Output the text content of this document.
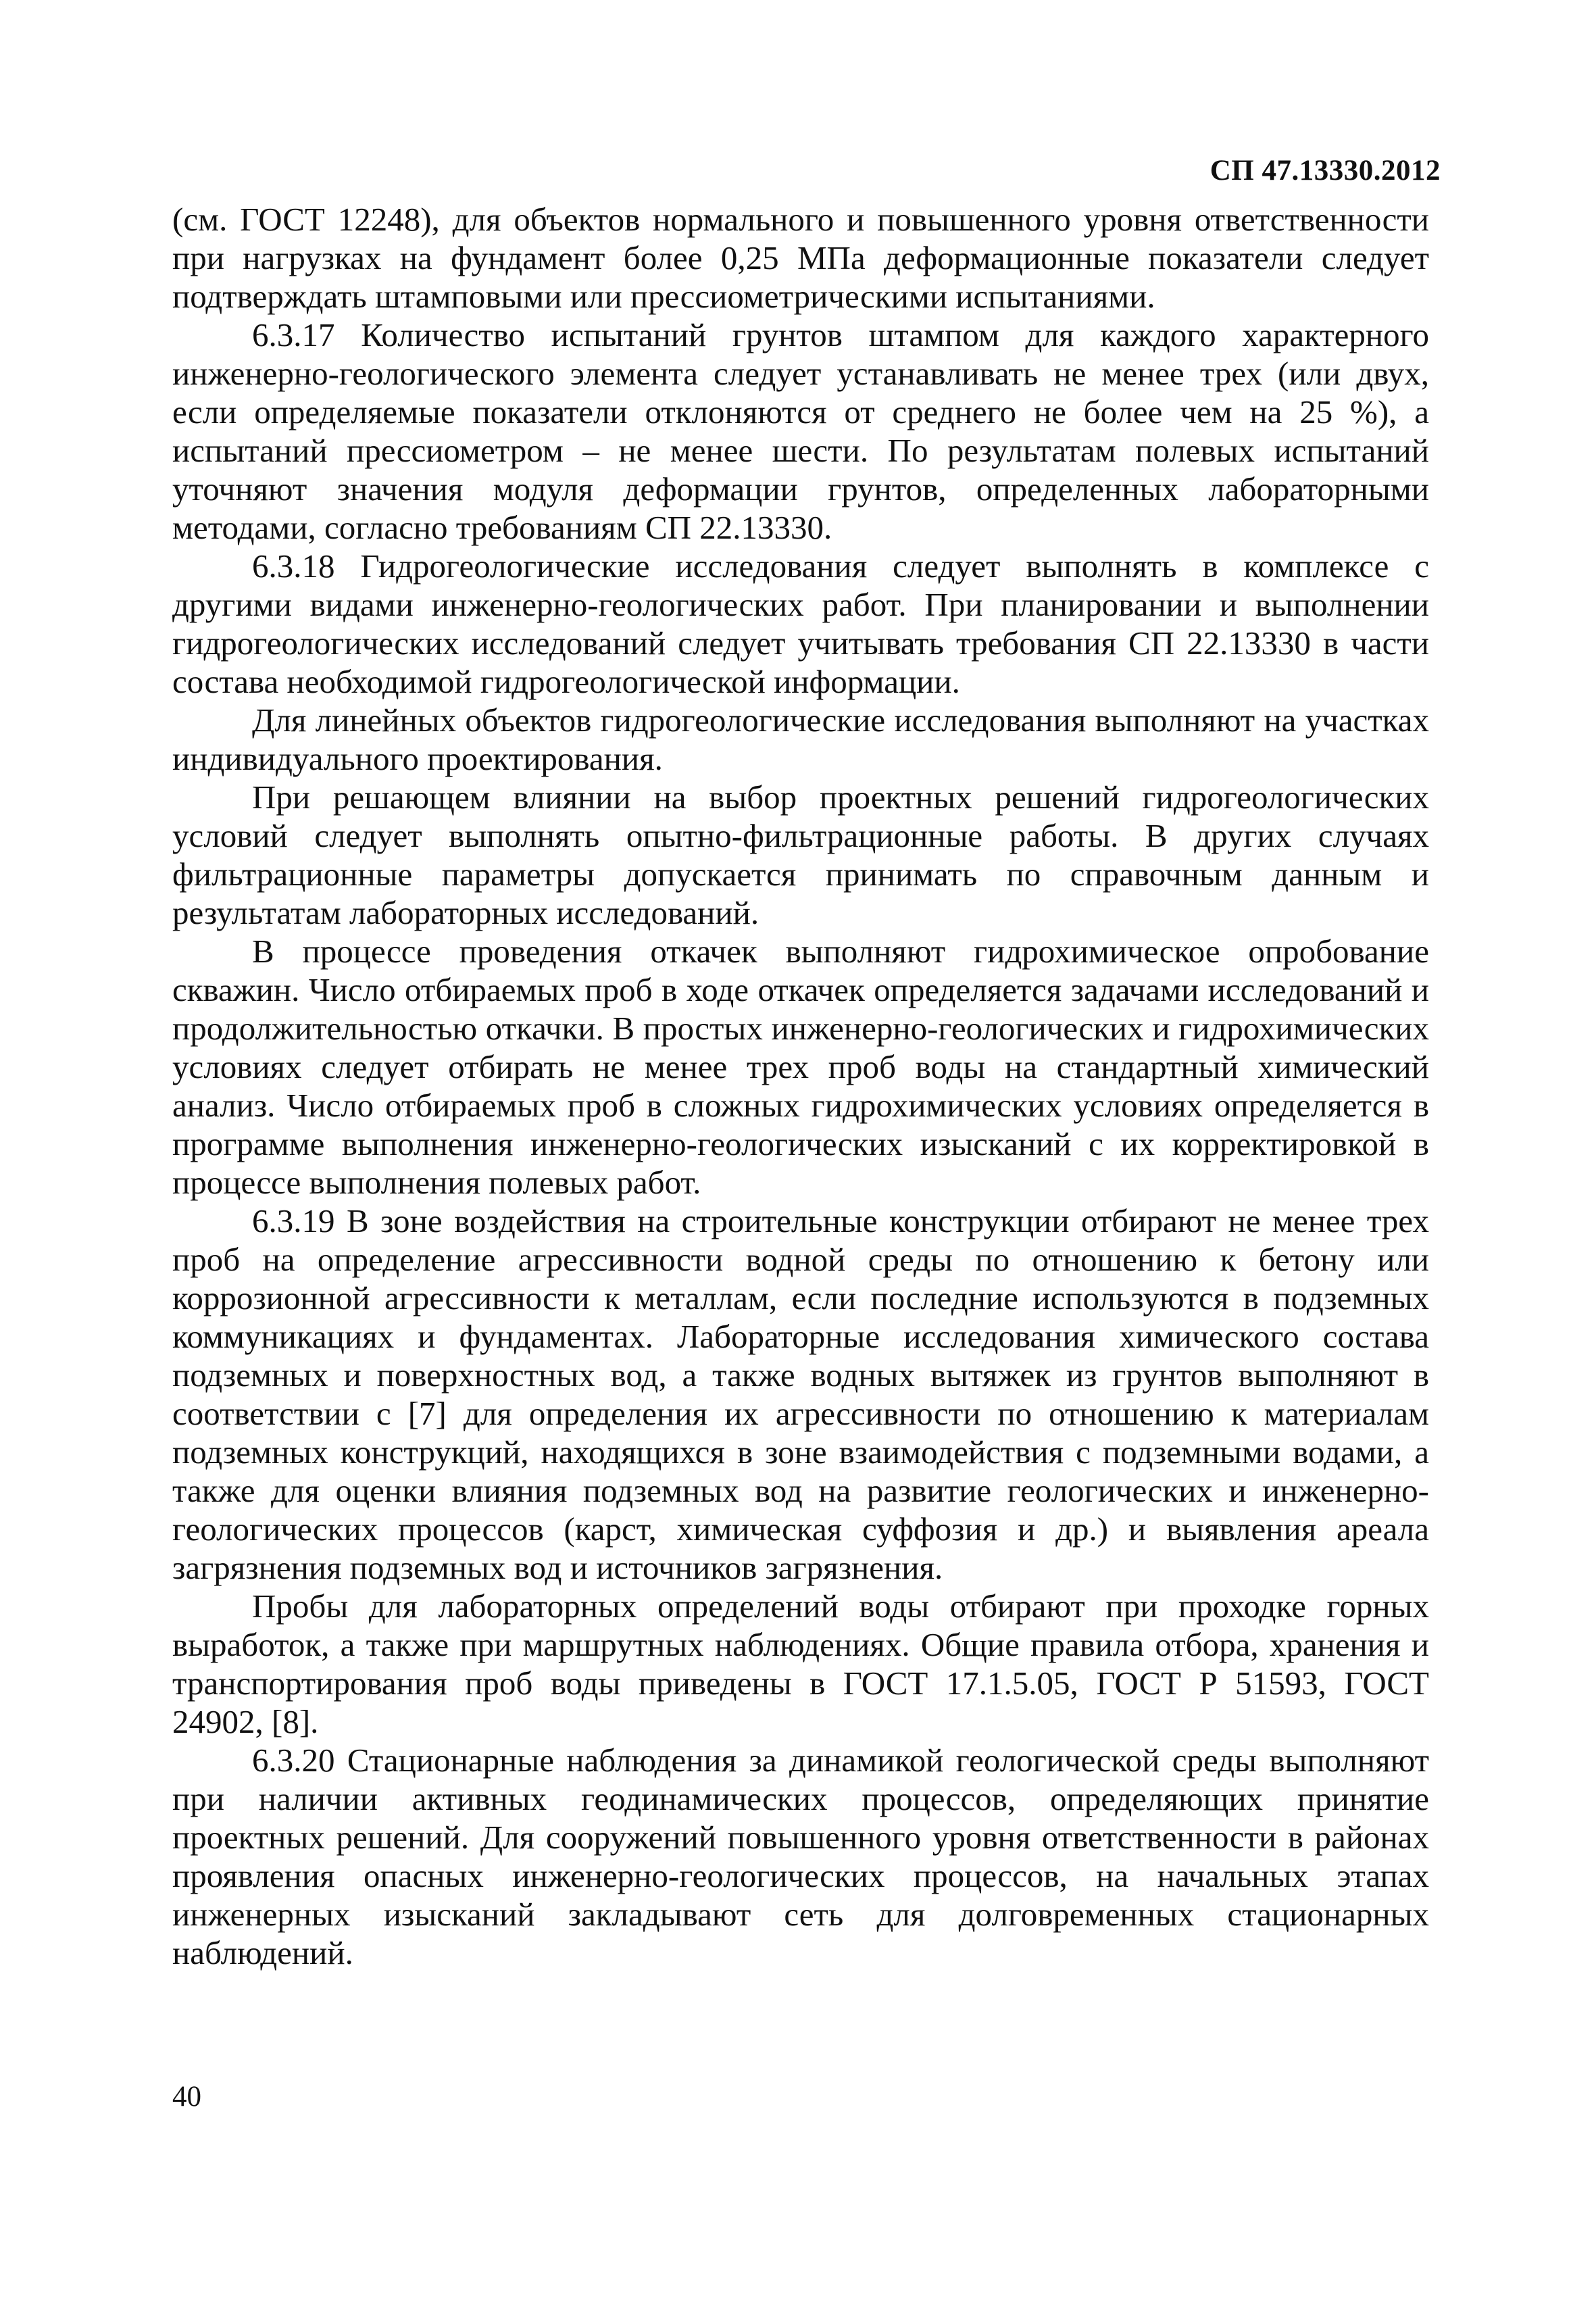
СП 47.13330.2012

(см. ГОСТ 12248), для объектов нормального и повышенного уровня ответственности при нагрузках на фундамент более 0,25 МПа деформационные показатели следует подтверждать штамповыми или прессиометрическими испытаниями.

6.3.17 Количество испытаний грунтов штампом для каждого характерного инженерно-геологического элемента следует устанавливать не менее трех (или двух, если определяемые показатели отклоняются от среднего не более чем на 25 %), а испытаний прессиометром – не менее шести. По результатам полевых испытаний уточняют значения модуля деформации грунтов, определенных лабораторными методами, согласно требованиям СП 22.13330.

6.3.18 Гидрогеологические исследования следует выполнять в комплексе с другими видами инженерно-геологических работ. При планировании и выполнении гидрогеологических исследований следует учитывать требования СП 22.13330 в части состава необходимой гидрогеологической информации.

Для линейных объектов гидрогеологические исследования выполняют на участках индивидуального проектирования.

При решающем влиянии на выбор проектных решений гидрогеологических условий следует выполнять опытно-фильтрационные работы. В других случаях фильтрационные параметры допускается принимать по справочным данным и результатам лабораторных исследований.

В процессе проведения откачек выполняют гидрохимическое опробование скважин. Число отбираемых проб в ходе откачек определяется задачами исследований и продолжительностью откачки. В простых инженерно-геологических и гидрохимических условиях следует отбирать не менее трех проб воды на стандартный химический анализ. Число отбираемых проб в сложных гидрохимических условиях определяется в программе выполнения инженерно-геологических изысканий с их корректировкой в процессе выполнения полевых работ.

6.3.19 В зоне воздействия на строительные конструкции отбирают не менее трех проб на определение агрессивности водной среды по отношению к бетону или коррозионной агрессивности к металлам, если последние используются в подземных коммуникациях и фундаментах. Лабораторные исследования химического состава подземных и поверхностных вод, а также водных вытяжек из грунтов выполняют в соответствии с [7] для определения их агрессивности по отношению к материалам подземных конструкций, находящихся в зоне взаимодействия с подземными водами, а также для оценки влияния подземных вод на развитие геологических и инженерно-геологических процессов (карст, химическая суффозия и др.) и выявления ареала загрязнения подземных вод и источников загрязнения.

Пробы для лабораторных определений воды отбирают при проходке горных выработок, а также при маршрутных наблюдениях. Общие правила отбора, хранения и транспортирования проб воды приведены в ГОСТ 17.1.5.05, ГОСТ Р 51593, ГОСТ 24902, [8].

6.3.20 Стационарные наблюдения за динамикой геологической среды выполняют при наличии активных геодинамических процессов, определяющих принятие проектных решений. Для сооружений повышенного уровня ответственности в районах проявления опасных инженерно-геологических процессов, на начальных этапах инженерных изысканий закладывают сеть для долговременных стационарных наблюдений.

40
